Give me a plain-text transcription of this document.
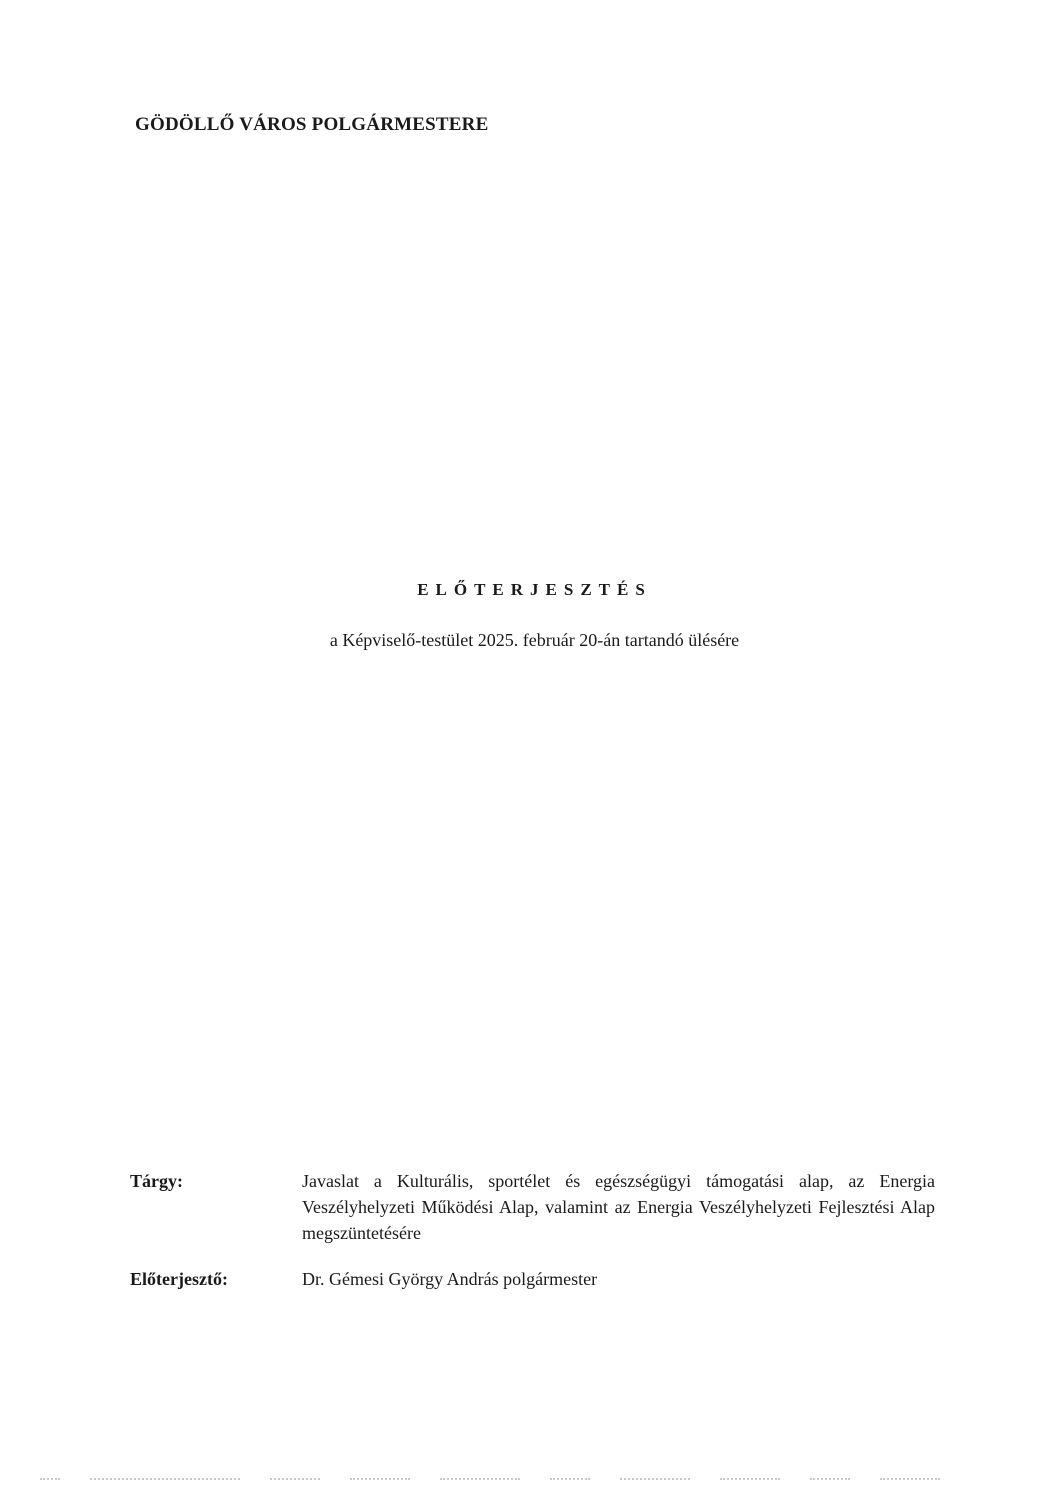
GÖDÖLLŐ VÁROS POLGÁRMESTERE
ELŐTERJESZTÉS
a Képviselő-testület 2025. február 20-án tartandó ülésére
Tárgy:	Javaslat a Kulturális, sportélet és egészségügyi támogatási alap, az Energia Veszélyhelyzeti Működési Alap, valamint az Energia Veszélyhelyzeti Fejlesztési Alap megszüntetésére
Előterjesztő:	Dr. Gémesi György András polgármester
